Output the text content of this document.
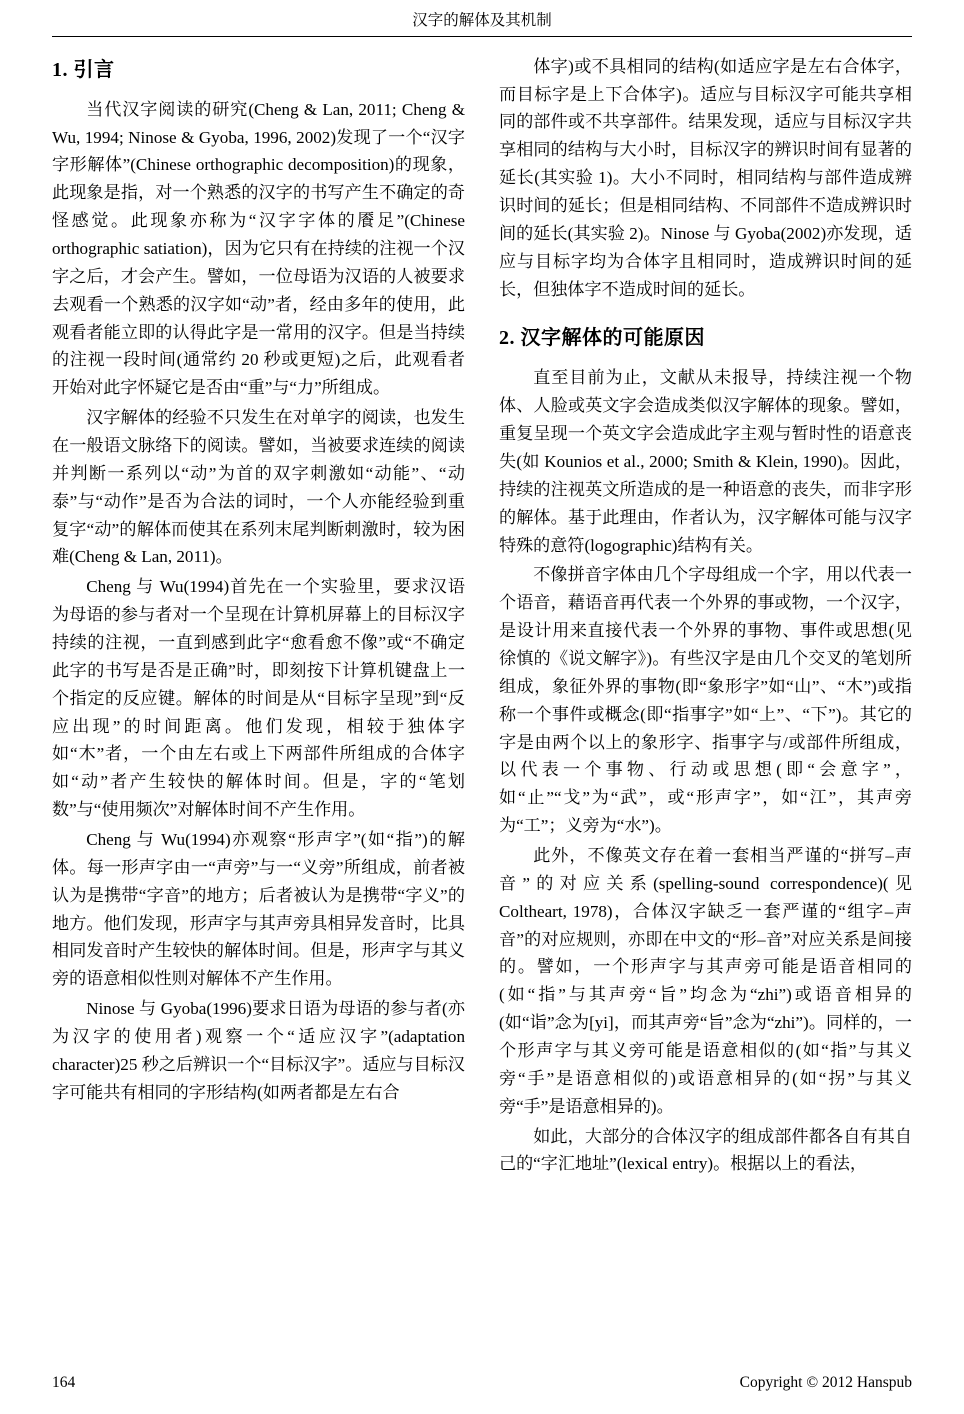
汉字的解体及其机制
1. 引言

当代汉字阅读的研究(Cheng & Lan, 2011; Cheng & Wu, 1994; Ninose & Gyoba, 1996, 2002)发现了一个“汉字字形解体”(Chinese orthographic decomposition)的现象，此现象是指，对一个熟悉的汉字的书写产生不确定的奇怪感觉。此现象亦称为“汉字字体的餍足”(Chinese orthographic satiation)，因为它只有在持续的注视一个汉字之后，才会产生。譬如，一位母语为汉语的人被要求去观看一个熟悉的汉字如“动”者，经由多年的使用，此观看者能立即的认得此字是一常用的汉字。但是当持续的注视一段时间(通常约 20 秒或更短)之后，此观看者开始对此字怀疑它是否由“重”与“力”所组成。

汉字解体的经验不只发生在对单字的阅读，也发生在一般语文脉络下的阅读。譬如，当被要求连续的阅读并判断一系列以“动”为首的双字刺激如“动能”、“动泰”与“动作”是否为合法的词时，一个人亦能经验到重复字“动”的解体而使其在系列末尾判断刺激时，较为困难(Cheng & Lan, 2011)。

Cheng 与 Wu(1994)首先在一个实验里，要求汉语为母语的参与者对一个呈现在计算机屏幕上的目标汉字持续的注视，一直到感到此字“愈看愈不像”或“不确定此字的书写是否是正确”时，即刻按下计算机键盘上一个指定的反应键。解体的时间是从“目标字呈现”到“反应出现”的时间距离。他们发现，相较于独体字如“木”者，一个由左右或上下两部件所组成的合体字如“动”者产生较快的解体时间。但是，字的“笔划数”与“使用频次”对解体时间不产生作用。

Cheng 与 Wu(1994)亦观察“形声字”(如“指”)的解体。每一形声字由一“声旁”与一“义旁”所组成，前者被认为是携带“字音”的地方；后者被认为是携带“字义”的地方。他们发现，形声字与其声旁具相异发音时，比具相同发音时产生较快的解体时间。但是，形声字与其义旁的语意相似性则对解体不产生作用。

Ninose 与 Gyoba(1996)要求日语为母语的参与者(亦为汉字的使用者)观察一个“适应汉字”(adaptation character)25 秒之后辨识一个“目标汉字”。适应与目标汉字可能共有相同的字形结构(如两者都是左右合

体字)或不具相同的结构(如适应字是左右合体字，而目标字是上下合体字)。适应与目标汉字可能共享相同的部件或不共享部件。结果发现，适应与目标汉字共享相同的结构与大小时，目标汉字的辨识时间有显著的延长(其实验 1)。大小不同时，相同结构与部件造成辨识时间的延长；但是相同结构、不同部件不造成辨识时间的延长(其实验 2)。Ninose 与 Gyoba(2002)亦发现，适应与目标字均为合体字且相同时，造成辨识时间的延长，但独体字不造成时间的延长。

2. 汉字解体的可能原因

直至目前为止，文献从未报导，持续注视一个物体、人脸或英文字会造成类似汉字解体的现象。譬如，重复呈现一个英文字会造成此字主观与暂时性的语意丧失(如 Kounios et al., 2000; Smith & Klein, 1990)。因此，持续的注视英文所造成的是一种语意的丧失，而非字形的解体。基于此理由，作者认为，汉字解体可能与汉字特殊的意符(logographic)结构有关。

不像拼音字体由几个字母组成一个字，用以代表一个语音，藉语音再代表一个外界的事或物，一个汉字，是设计用来直接代表一个外界的事物、事件或思想(见徐慎的《说文解字》)。有些汉字是由几个交叉的笔划所组成，象征外界的事物(即“象形字”如“山”、“木”)或指称一个事件或概念(即“指事字”如“上”、“下”)。其它的字是由两个以上的象形字、指事字与/或部件所组成，以代表一个事物、行动或思想(即“会意字”，如“止”“戈”为“武”，或“形声字”，如“江”，其声旁为“工”；义旁为“水”)。

此外，不像英文存在着一套相当严谨的“拼写‒声音”的对应关系(spelling-sound correspondence)(见 Coltheart, 1978)，合体汉字缺乏一套严谨的“组字‒声音”的对应规则，亦即在中文的“形‒音”对应关系是间接的。譬如，一个形声字与其声旁可能是语音相同的(如“指”与其声旁“旨”均念为“zhi”)或语音相异的(如“诣”念为[yi]，而其声旁“旨”念为“zhi”)。同样的，一个形声字与其义旁可能是语意相似的(如“指”与其义旁“手”是语意相似的)或语意相异的(如“拐”与其义旁“手”是语意相异的)。

如此，大部分的合体汉字的组成部件都各自有其自己的“字汇地址”(lexical entry)。根据以上的看法，

164	Copyright © 2012 Hanspub
